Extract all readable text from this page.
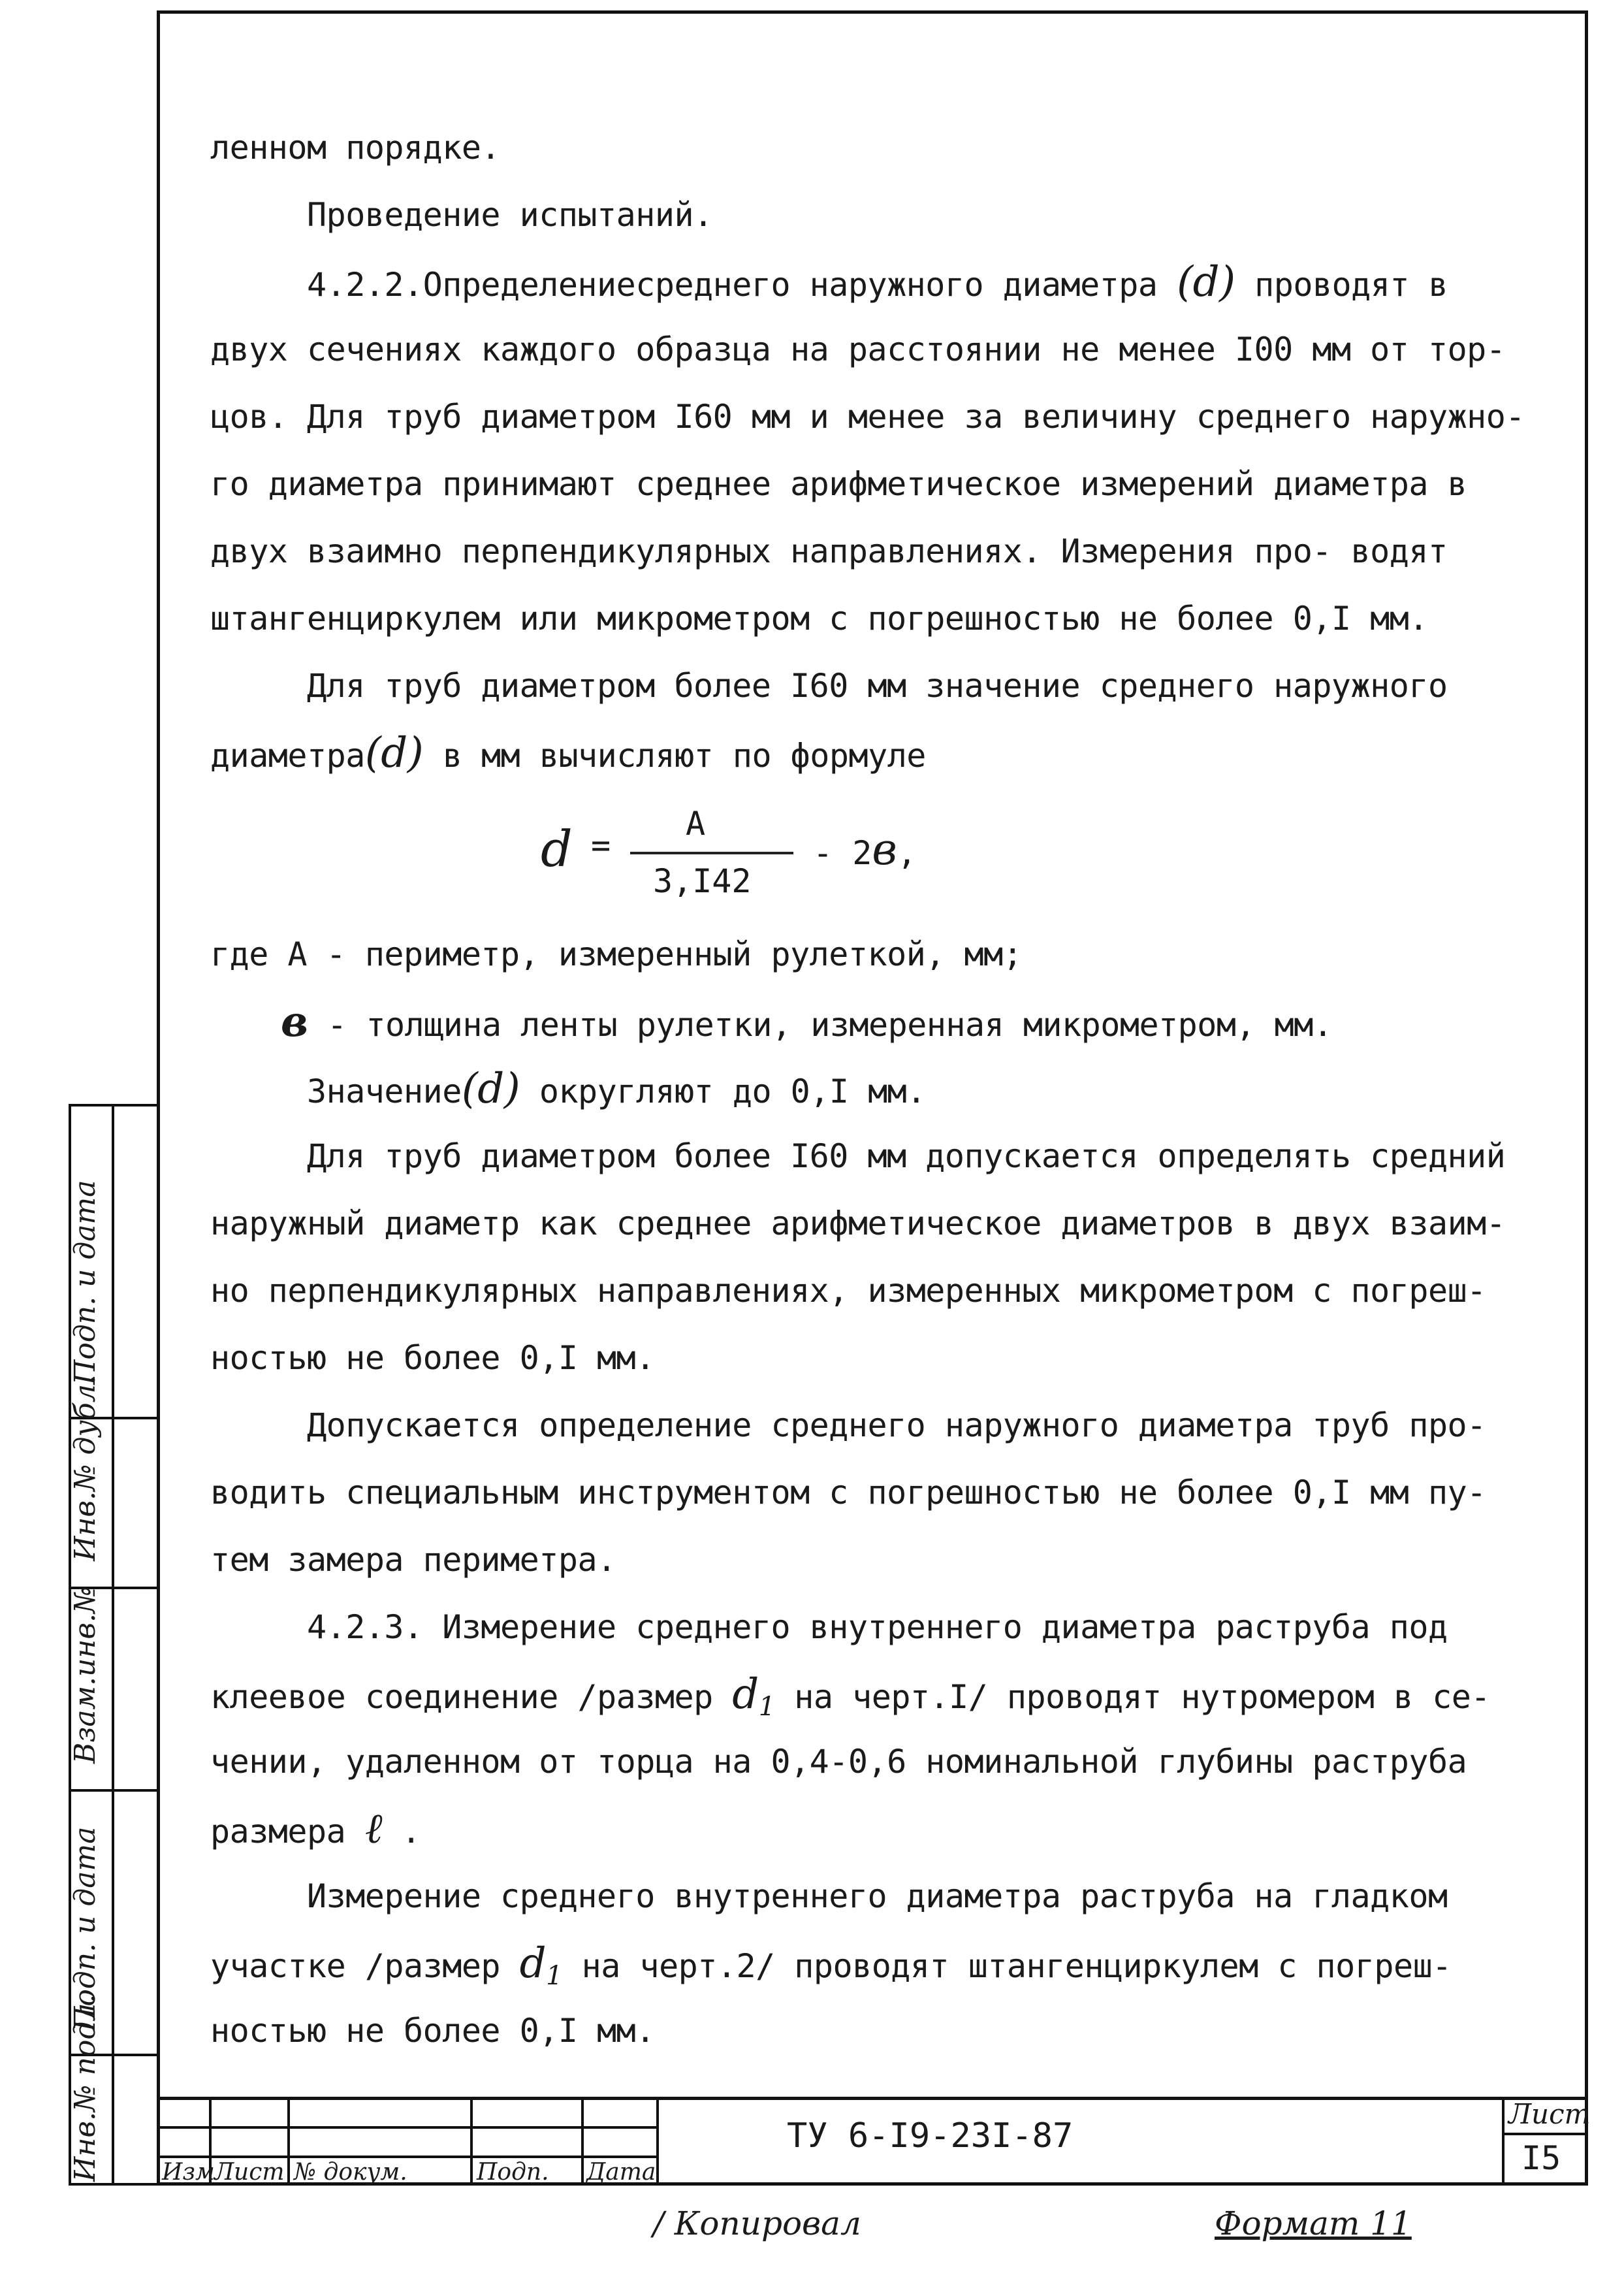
ленном порядке.
Проведение испытаний.
4.2.2.Определениесреднего наружного диаметра (d) проводят в
двух сечениях каждого образца на расстоянии не менее I00 мм от тор-
цов. Для труб диаметром I60 мм и менее за величину среднего наружно-
го диаметра принимают среднее арифметическое измерений диаметра в
двух взаимно перпендикулярных направлениях. Измерения про- водят
штангенциркулем или микрометром с погрешностью не более 0,I мм.
Для труб диаметром более I60 мм значение среднего наружного
диаметра(d) в мм вычисляют по формуле
d =
А
3,I42
- 2в,
где А - периметр, измеренный рулеткой, мм;
в - толщина ленты рулетки, измеренная микрометром, мм.
Значение(d) округляют до 0,I мм.
Для труб диаметром более I60 мм допускается определять средний
наружный диаметр как среднее арифметическое диаметров в двух взаим-
но перпендикулярных направлениях, измеренных микрометром с погреш-
ностью не более 0,I мм.
Допускается определение среднего наружного диаметра труб про-
водить специальным инструментом с погрешностью не более 0,I мм пу-
тем замера периметра.
4.2.3. Измерение среднего внутреннего диаметра раструба под
клеевое соединение /размер $d_1$ на черт.I/ проводят нутромером в се-
чении, удаленном от торца на 0,4-0,6 номинальной глубины раструба
размера ℓ .
Измерение среднего внутреннего диаметра раструба на гладком
участке /размер $d_1$ на черт.2/ проводят штангенциркулем с погреш-
ностью не более 0,I мм.
Подп. и дата
Инв.№ дубл.
Взам.инв.№
Подп. и дата
Инв.№ подл.	Изм Лист № докум.	Подп. Дата
ТУ 6-I9-23I-87
Лист
I5
/ Копировал	Формат 11
